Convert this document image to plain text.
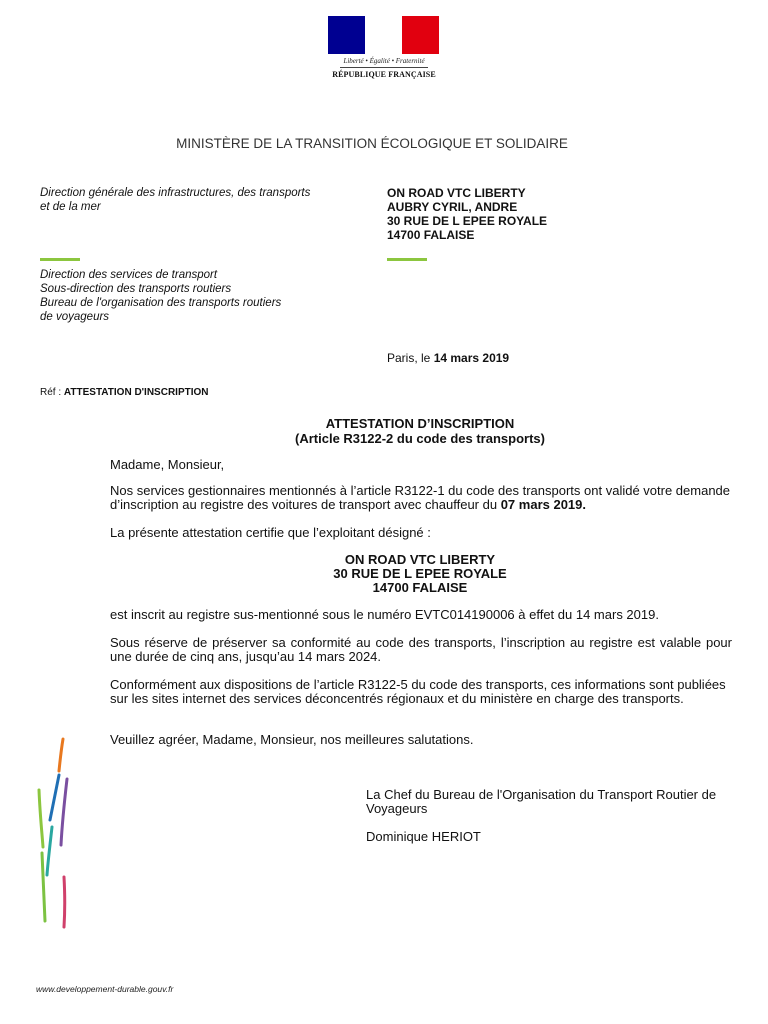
Liberté • Égalité • Fraternité
RÉPUBLIQUE FRANÇAISE
MINISTÈRE DE LA TRANSITION ÉCOLOGIQUE ET SOLIDAIRE
Direction générale des infrastructures, des transports
et de la mer
ON ROAD VTC LIBERTY
AUBRY CYRIL, ANDRE
30 RUE DE L EPEE ROYALE
14700 FALAISE
Direction des services de transport
Sous-direction des transports routiers
Bureau de l'organisation des transports routiers
de voyageurs
Paris, le 14 mars 2019
Réf : ATTESTATION D'INSCRIPTION
ATTESTATION D’INSCRIPTION
(Article R3122-2 du code des transports)
Madame, Monsieur,
Nos services gestionnaires mentionnés à l’article R3122-1 du code des transports ont validé votre demande d’inscription au registre des voitures de transport avec chauffeur du 07 mars 2019.
La présente attestation certifie que l’exploitant désigné :
ON ROAD VTC LIBERTY
30 RUE DE L EPEE ROYALE
14700 FALAISE
est inscrit au registre sus-mentionné sous le numéro EVTC014190006 à effet du 14 mars 2019.
Sous réserve de préserver sa conformité au code des transports, l’inscription au registre est valable pour une durée de cinq ans, jusqu’au 14 mars 2024.
Conformément aux dispositions de l’article R3122-5 du code des transports, ces informations sont publiées sur les sites internet des services déconcentrés régionaux et du ministère en charge des transports.
Veuillez agréer, Madame, Monsieur, nos meilleures salutations.
La Chef du Bureau de l'Organisation du Transport Routier de Voyageurs
Dominique HERIOT
www.developpement-durable.gouv.fr
